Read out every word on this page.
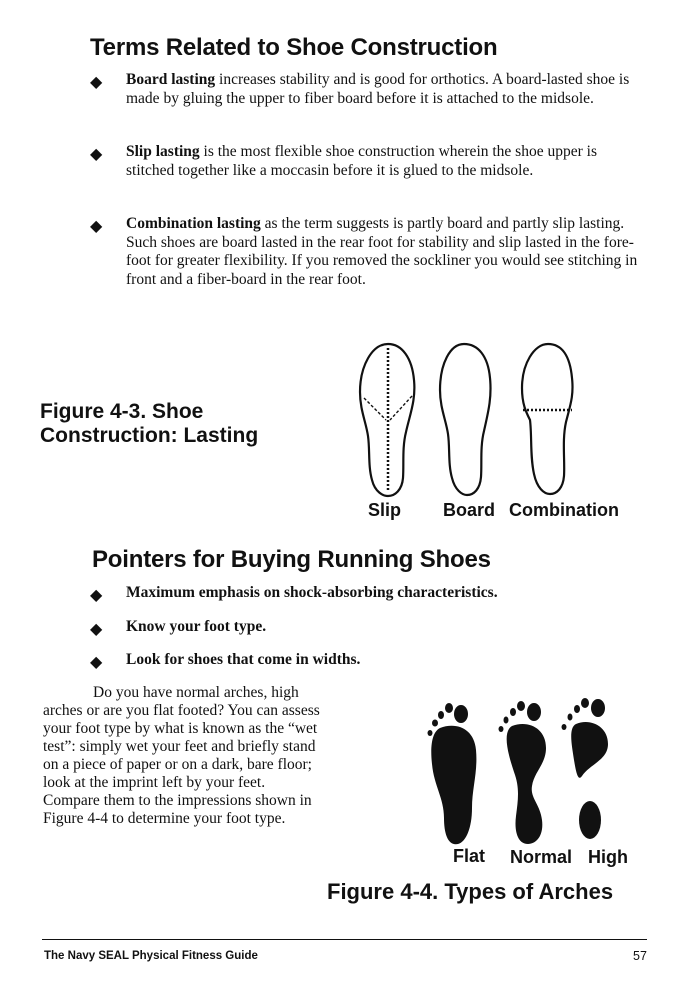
Terms Related to Shoe Construction
◆ Board lasting increases stability and is good for orthotics. A board-lasted shoe is made by gluing the upper to fiber board before it is attached to the midsole.
◆ Slip lasting is the most flexible shoe construction wherein the shoe upper is stitched together like a moccasin before it is glued to the midsole.
◆ Combination lasting as the term suggests is partly board and partly slip lasting. Such shoes are board lasted in the rear foot for stability and slip lasted in the fore-foot for greater flexibility. If you removed the sockliner you would see stitching in front and a fiber-board in the rear foot.
Figure 4-3. Shoe
Construction: Lasting
Slip Board Combination
Pointers for Buying Running Shoes
◆ Maximum emphasis on shock-absorbing characteristics.
◆ Know your foot type.
◆ Look for shoes that come in widths.
Do you have normal arches, high
arches or are you flat footed? You can assess
your foot type by what is known as the “wet
test”: simply wet your feet and briefly stand
on a piece of paper or on a dark, bare floor;
look at the imprint left by your feet.
Compare them to the impressions shown in
Figure 4-4 to determine your foot type.
Flat Normal High
Figure 4-4. Types of Arches
The Navy SEAL Physical Fitness Guide	57
